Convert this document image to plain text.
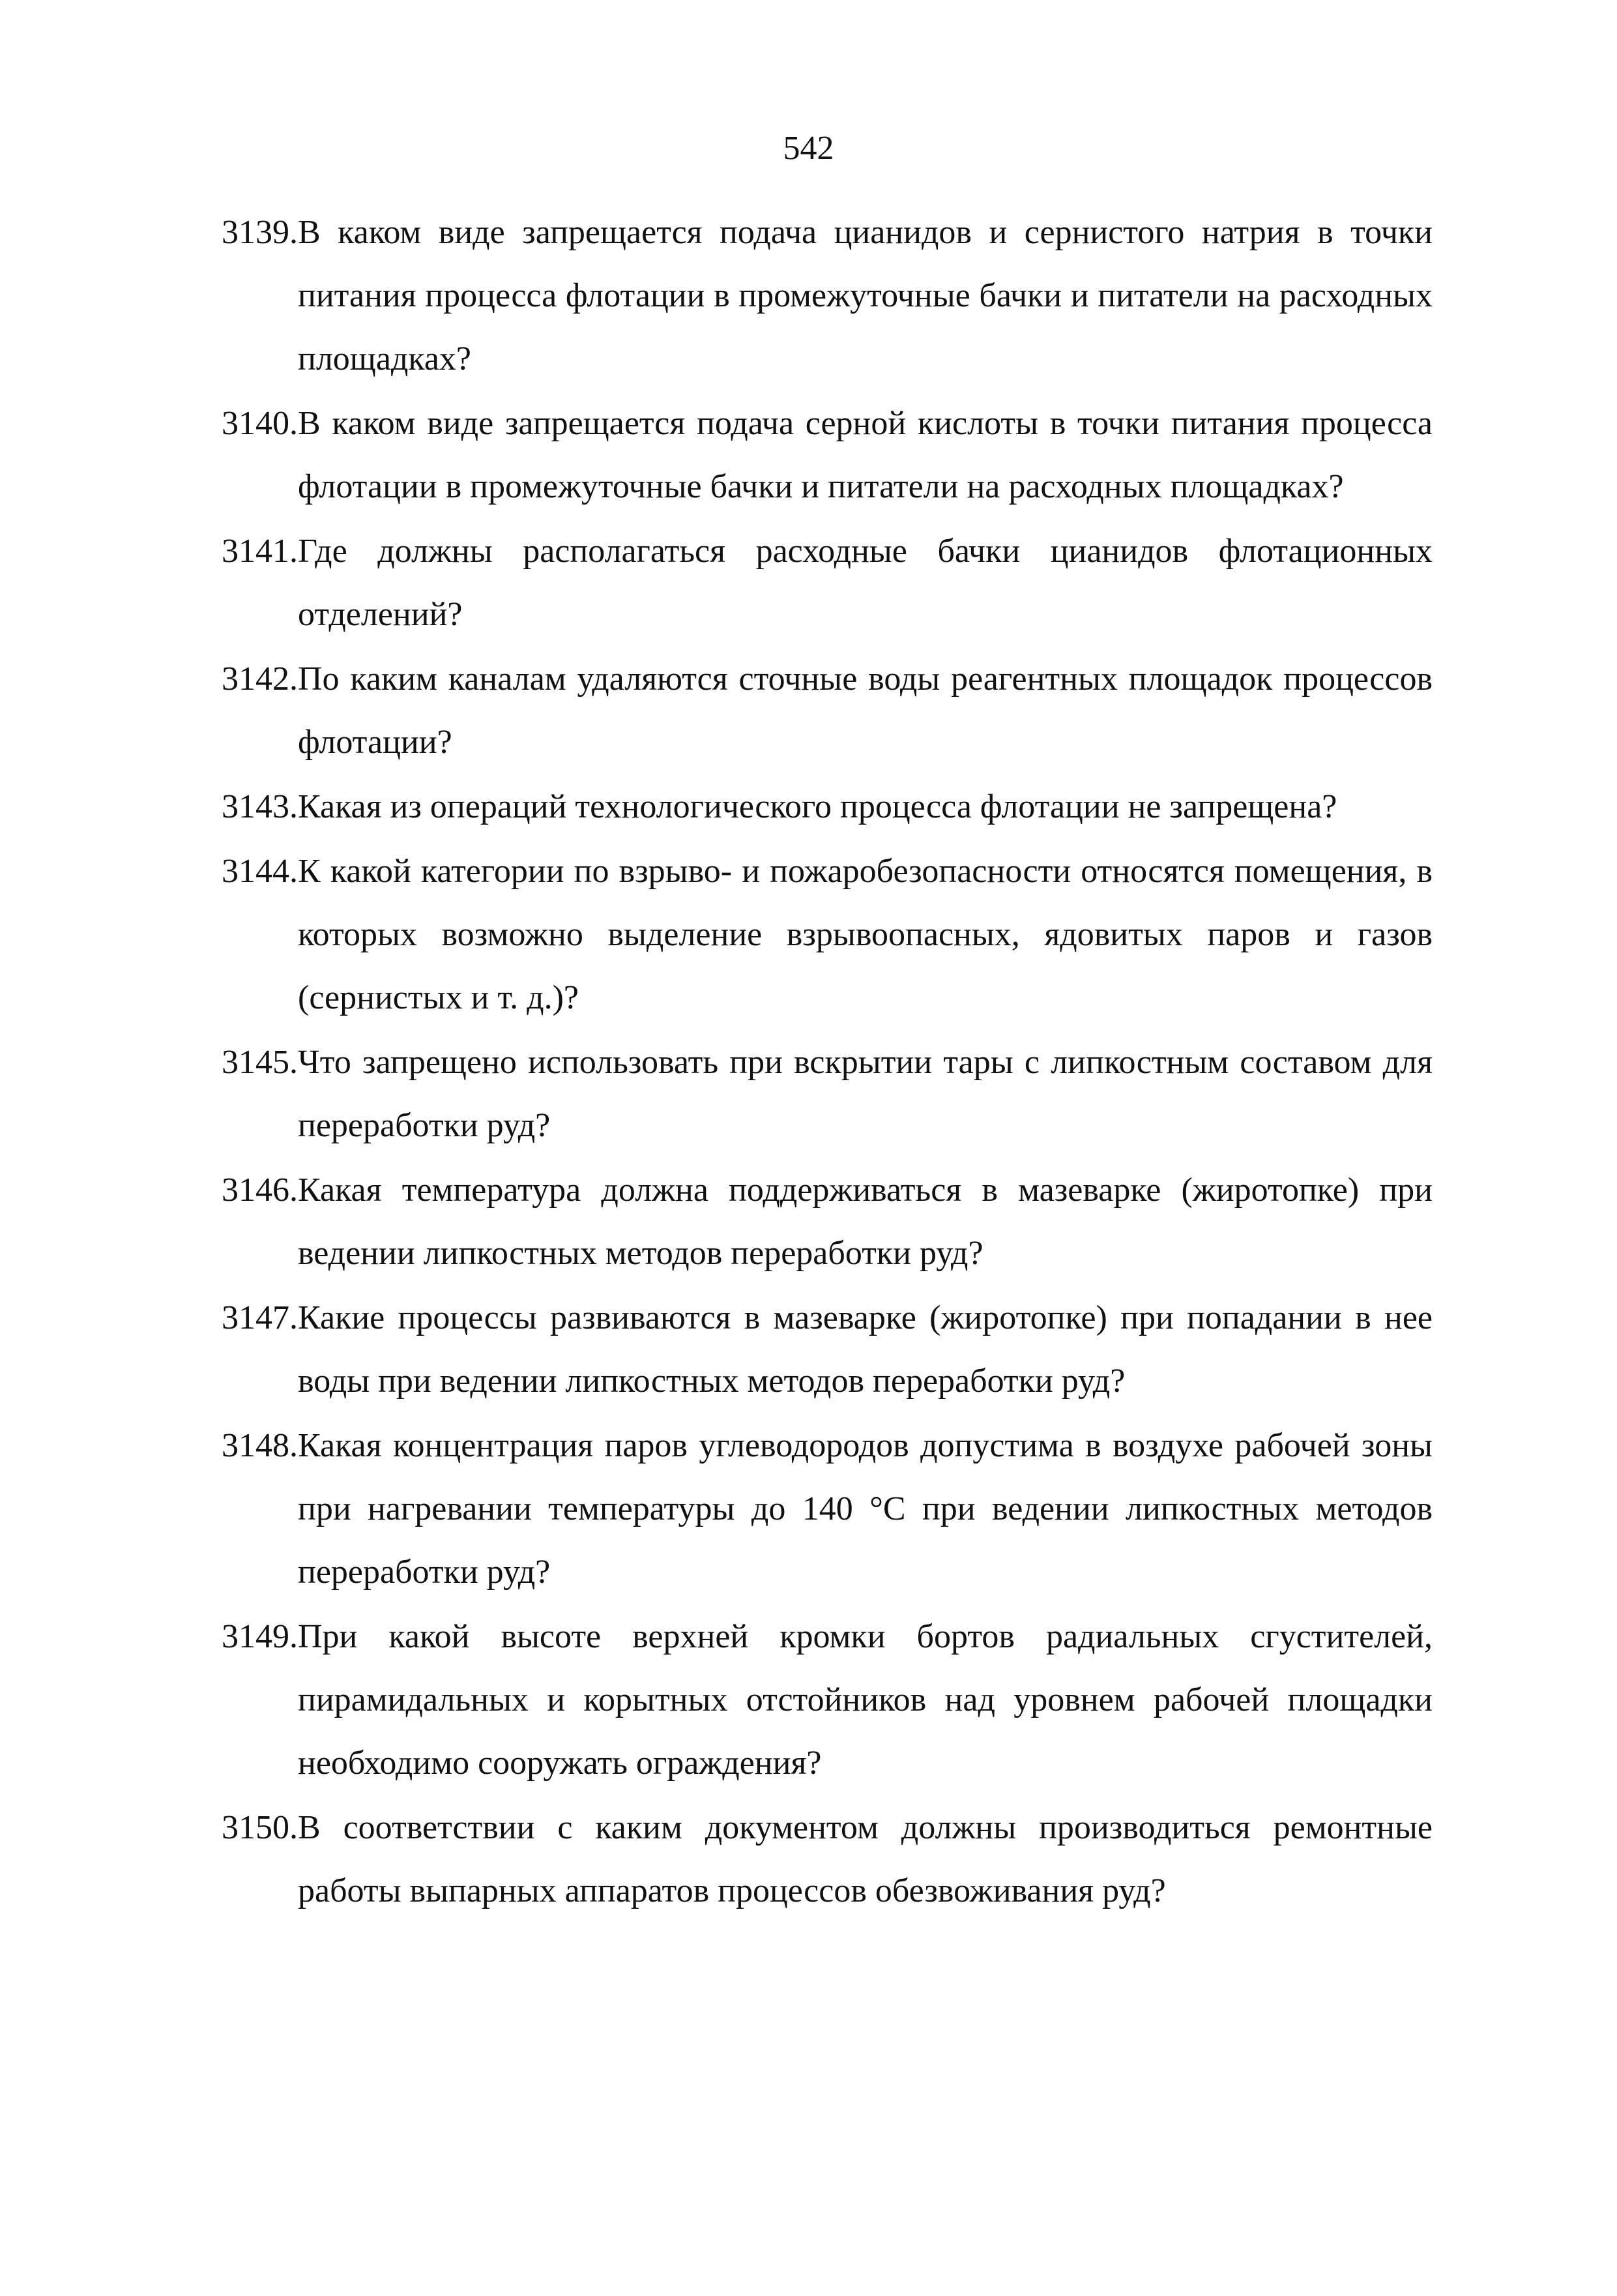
542
3139. В каком виде запрещается подача цианидов и сернистого натрия в точки питания процесса флотации в промежуточные бачки и питатели на расходных площадках?
3140. В каком виде запрещается подача серной кислоты в точки питания процесса флотации в промежуточные бачки и питатели на расходных площадках?
3141. Где должны располагаться расходные бачки цианидов флотационных отделений?
3142. По каким каналам удаляются сточные воды реагентных площадок процессов флотации?
3143. Какая из операций технологического процесса флотации не запрещена?
3144. К какой категории по взрыво- и пожаробезопасности относятся помещения, в которых возможно выделение взрывоопасных, ядовитых паров и газов (сернистых и т. д.)?
3145. Что запрещено использовать при вскрытии тары с липкостным составом для переработки руд?
3146. Какая температура должна поддерживаться в мазеварке (жиротопке) при ведении липкостных методов переработки руд?
3147. Какие процессы развиваются в мазеварке (жиротопке) при попадании в нее воды при ведении липкостных методов переработки руд?
3148. Какая концентрация паров углеводородов допустима в воздухе рабочей зоны при нагревании температуры до 140 °С при ведении липкостных методов переработки руд?
3149. При какой высоте верхней кромки бортов радиальных сгустителей, пирамидальных и корытных отстойников над уровнем рабочей площадки необходимо сооружать ограждения?
3150. В соответствии с каким документом должны производиться ремонтные работы выпарных аппаратов процессов обезвоживания руд?
